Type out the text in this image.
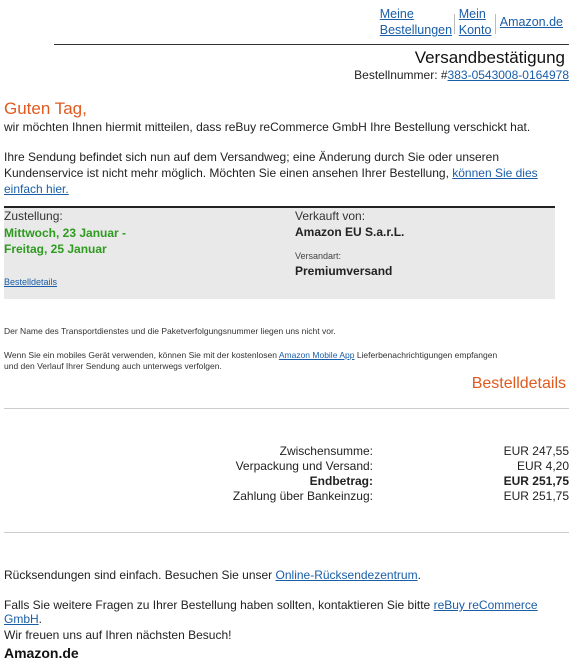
Meine Bestellungen
Mein Konto
Amazon.de
Versandbestätigung
Bestellnummer: #383-0543008-0164978
Guten Tag,
wir möchten Ihnen hiermit mitteilen, dass reBuy reCommerce GmbH Ihre Bestellung verschickt hat.
Ihre Sendung befindet sich nun auf dem Versandweg; eine Änderung durch Sie oder unseren Kundenservice ist nicht mehr möglich. Möchten Sie einen ansehen Ihrer Bestellung, können Sie dies einfach hier.
Zustellung:
Mittwoch, 23 Januar - Freitag, 25 Januar
Bestelldetails
Verkauft von:
Amazon EU S.a.r.L.
Versandart:
Premiumversand
Der Name des Transportdienstes und die Paketverfolgungsnummer liegen uns nicht vor.
Wenn Sie ein mobiles Gerät verwenden, können Sie mit der kostenlosen Amazon Mobile App Lieferbenachrichtigungen empfangen und den Verlauf Ihrer Sendung auch unterwegs verfolgen.
Bestelldetails
Zwischensumme:	EUR 247,55
Verpackung und Versand:	EUR 4,20
Endbetrag:	EUR 251,75
Zahlung über Bankeinzug:	EUR 251,75
Rücksendungen sind einfach. Besuchen Sie unser Online-Rücksendezentrum.
Falls Sie weitere Fragen zu Ihrer Bestellung haben sollten, kontaktieren Sie bitte reBuy reCommerce GmbH.
Wir freuen uns auf Ihren nächsten Besuch!
Amazon.de
